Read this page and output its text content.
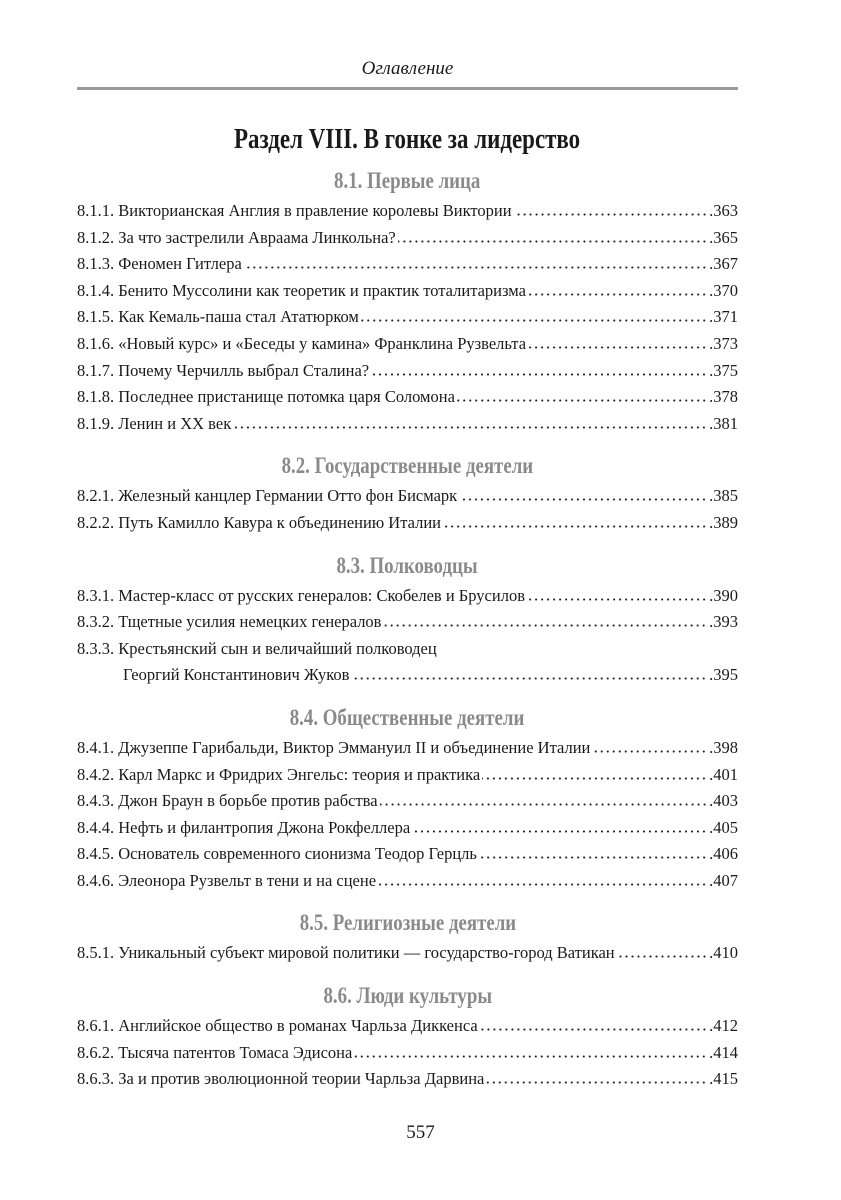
Оглавление
Раздел VIII. В гонке за лидерство
8.1. Первые лица
8.1.1. Викторианская Англия в правление королевы Виктории	.363
8.1.2. За что застрелили Авраама Линкольна?	.365
8.1.3. Феномен Гитлера	.367
8.1.4. Бенито Муссолини как теоретик и практик тоталитаризма	.370
8.1.5. Как Кемаль-паша стал Ататюрком	.371
8.1.6. «Новый курс» и «Беседы у камина» Франклина Рузвельта	.373
8.1.7. Почему Черчилль выбрал Сталина?	.375
8.1.8. Последнее пристанище потомка царя Соломона	.378
8.1.9. Ленин и XX век	.381
8.2. Государственные деятели
8.2.1. Железный канцлер Германии Отто фон Бисмарк	.385
8.2.2. Путь Камилло Кавура к объединению Италии	.389
8.3. Полководцы
8.3.1. Мастер-класс от русских генералов: Скобелев и Брусилов	.390
8.3.2. Тщетные усилия немецких генералов	.393
8.3.3. Крестьянский сын и величайший полководец
Георгий Константинович Жуков	.395
8.4. Общественные деятели
8.4.1. Джузеппе Гарибальди, Виктор Эммануил II и объединение Италии	.398
8.4.2. Карл Маркс и Фридрих Энгельс: теория и практика	.401
8.4.3. Джон Браун в борьбе против рабства	.403
8.4.4. Нефть и филантропия Джона Рокфеллера	.405
8.4.5. Основатель современного сионизма Теодор Герцль	.406
8.4.6. Элеонора Рузвельт в тени и на сцене	.407
8.5. Религиозные деятели
8.5.1. Уникальный субъект мировой политики — государство-город Ватикан	.410
8.6. Люди культуры
8.6.1. Английское общество в романах Чарльза Диккенса	.412
8.6.2. Тысяча патентов Томаса Эдисона	.414
8.6.3. За и против эволюционной теории Чарльза Дарвина	.415
557
